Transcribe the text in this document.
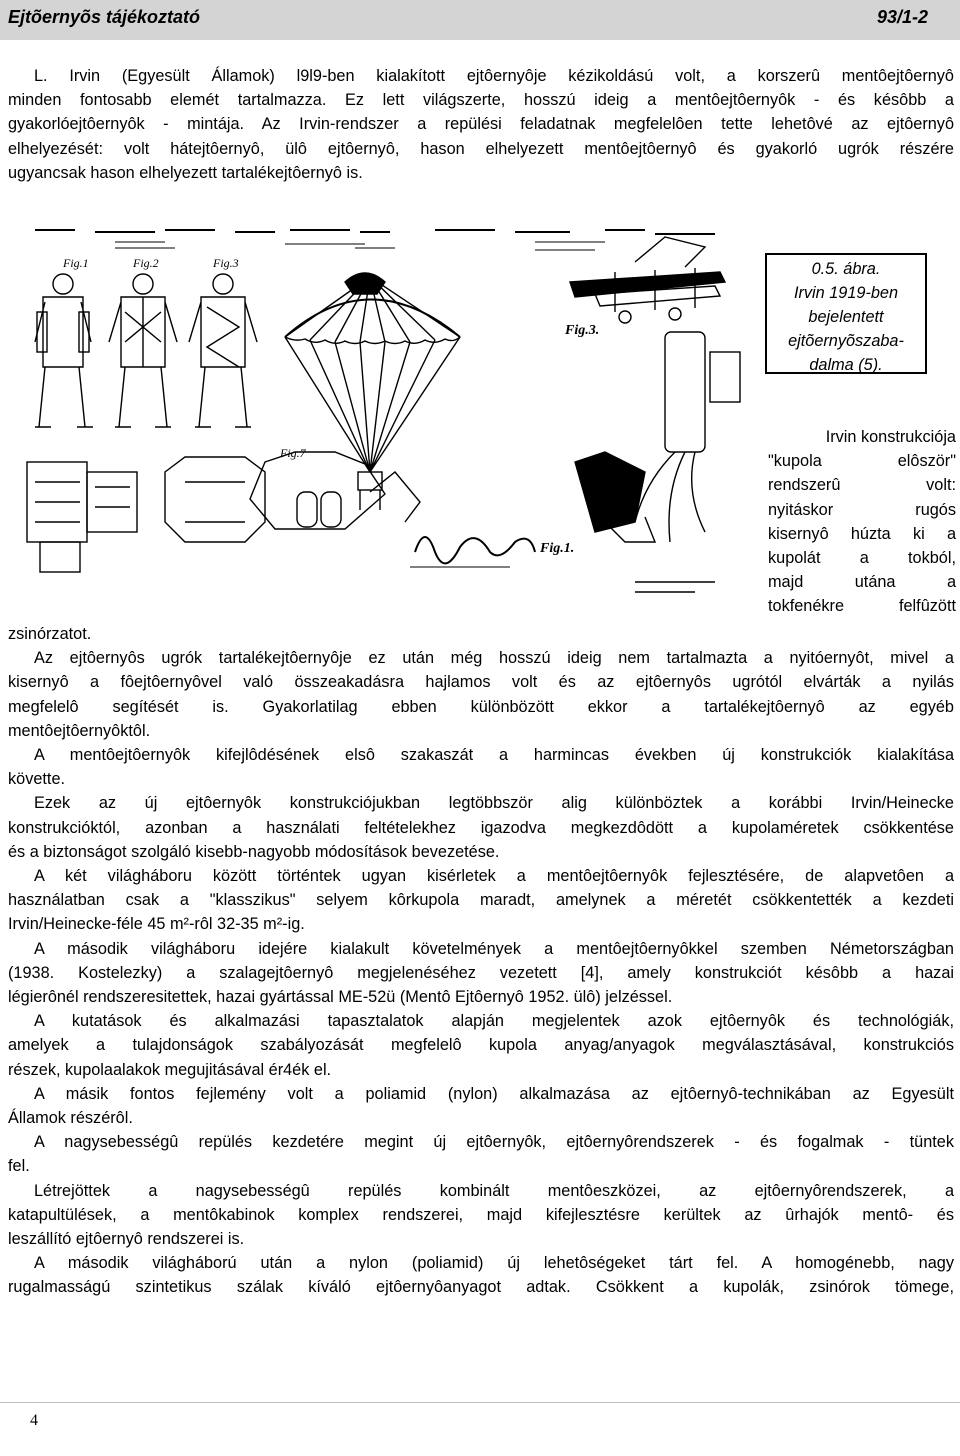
Ejtõernyõs tájékoztató	93/1-2
L. Irvin (Egyesült Államok) l9l9-ben kialakított ejtôernyôje kézikoldású volt, a korszerû mentôejtôernyô
minden fontosabb elemét tartalmazza. Ez lett világszerte, hosszú ideig a mentôejtôernyôk - és késôbb a
gyakorlóejtôernyôk - mintája. Az Irvin-rendszer a repülési feladatnak megfelelôen tette lehetôvé az ejtôernyô
elhelyezését: volt hátejtôernyô, ülô ejtôernyô, hason elhelyezett mentôejtôernyô és gyakorló ugrók részére
ugyancsak hason elhelyezett tartalékejtôernyô is.
Fig.1	Fig.2	Fig.3
Fig.3.
Fig.1.
Fig.7
0.5. ábra.
Irvin 1919-ben
bejelentett
ejtõernyõszaba-
dalma (5).
Irvin konstrukciója
"kupola elôször"
rendszerû volt:
nyitáskor rugós
kisernyô húzta ki a
kupolát a tokból,
majd utána a
tokfenékre felfûzött
zsinórzatot.
Az ejtôernyôs ugrók tartalékejtôernyôje ez után még hosszú ideig nem tartalmazta a nyitóernyôt, mivel a
kisernyô a fôejtôernyôvel való összeakadásra hajlamos volt és az ejtôernyôs ugrótól elvárták a nyilás
megfelelô segítését is. Gyakorlatilag ebben különbözött ekkor a tartalékejtôernyô az egyéb
mentôejtôernyôktôl.
A mentôejtôernyôk kifejlôdésének elsô szakaszát a harmincas években új konstrukciók kialakítása
követte.
Ezek az új ejtôernyôk konstrukciójukban legtöbbször alig különböztek a korábbi Irvin/Heinecke
konstrukcióktól, azonban a használati feltételekhez igazodva megkezdôdött a kupolaméretek csökkentése
és a biztonságot szolgáló kisebb-nagyobb módosítások bevezetése.
A két világháboru között történtek ugyan kisérletek a mentôejtôernyôk fejlesztésére, de alapvetôen a
használatban csak a "klasszikus" selyem kôrkupola maradt, amelynek a méretét csökkentették a kezdeti
Irvin/Heinecke-féle 45 m²-rôl 32-35 m²-ig.
A második világháboru idejére kialakult követelmények a mentôejtôernyôkkel szemben Németországban
(1938. Kostelezky) a szalagejtôernyô megjelenéséhez vezetett [4], amely konstrukciót késôbb a hazai
légierônél rendszeresitettek, hazai gyártással ME-52ü (Mentô Ejtôernyô 1952. ülô) jelzéssel.
A kutatások és alkalmazási tapasztalatok alapján megjelentek azok ejtôernyôk és technológiák,
amelyek a tulajdonságok szabályozását megfelelô kupola anyag/anyagok megválasztásával, konstrukciós
részek, kupolaalakok megujitásával ér4ék el.
A másik fontos fejlemény volt a poliamid (nylon) alkalmazása az ejtôernyô-technikában az Egyesült
Államok részérôl.
A nagysebességû repülés kezdetére megint új ejtôernyôk, ejtôernyôrendszerek - és fogalmak - tüntek
fel.
Létrejöttek a nagysebességû repülés kombinált mentôeszközei, az ejtôernyôrendszerek, a
katapultülések, a mentôkabinok komplex rendszerei, majd kifejlesztésre kerültek az ûrhajók mentô- és
leszállító ejtôernyô rendszerei is.
A második világháború után a nylon (poliamid) új lehetôségeket tárt fel. A homogénebb, nagy
rugalmasságú szintetikus szálak kíváló ejtôernyôanyagot adtak. Csökkent a kupolák, zsinórok tömege,
4
